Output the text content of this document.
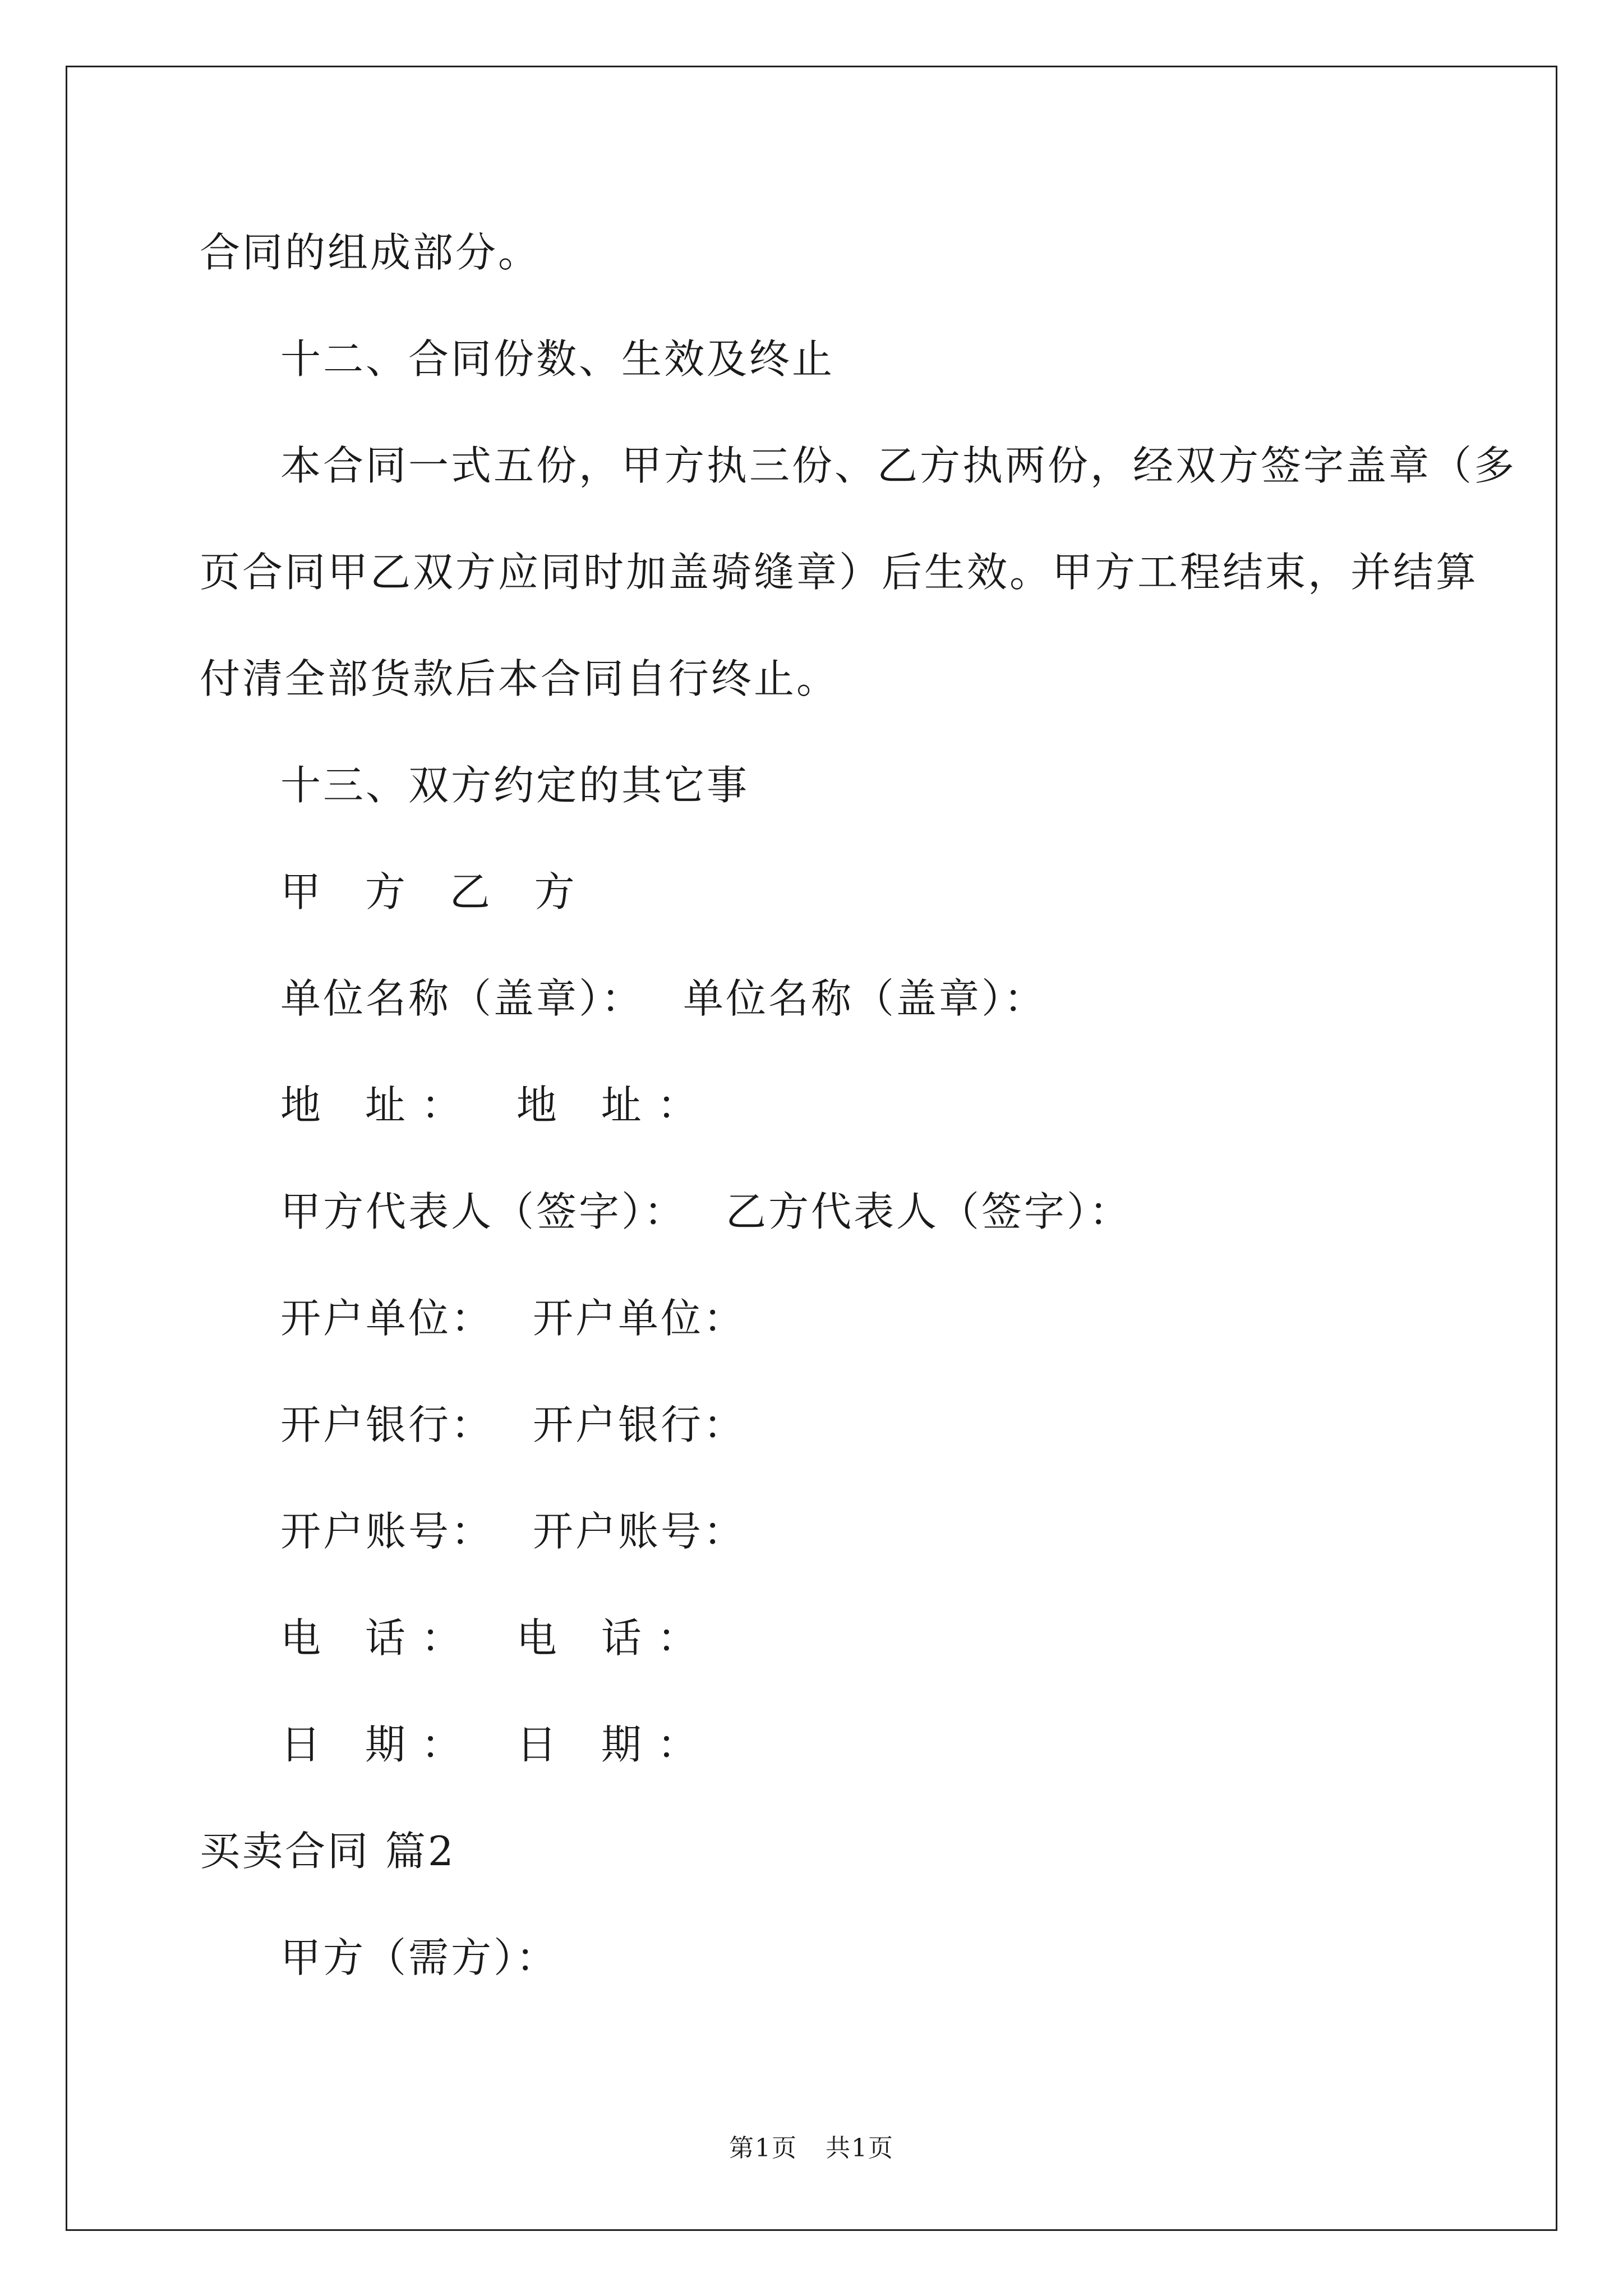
合同的组成部分。
十二、合同份数、生效及终止
本合同一式五份，甲方执三份、乙方执两份，经双方签字盖章（多
页合同甲乙双方应同时加盖骑缝章）后生效。甲方工程结束，并结算
付清全部货款后本合同自行终止。
十三、双方约定的其它事
甲 方 乙 方
单位名称（盖章）： 单位名称（盖章）：
地 址： 地 址：
甲方代表人（签字）： 乙方代表人（签字）：
开户单位： 开户单位：
开户银行： 开户银行：
开户账号： 开户账号：
电 话： 电 话：
日 期： 日 期：
买卖合同 篇2
甲方（需方）：
第1页 共1页
